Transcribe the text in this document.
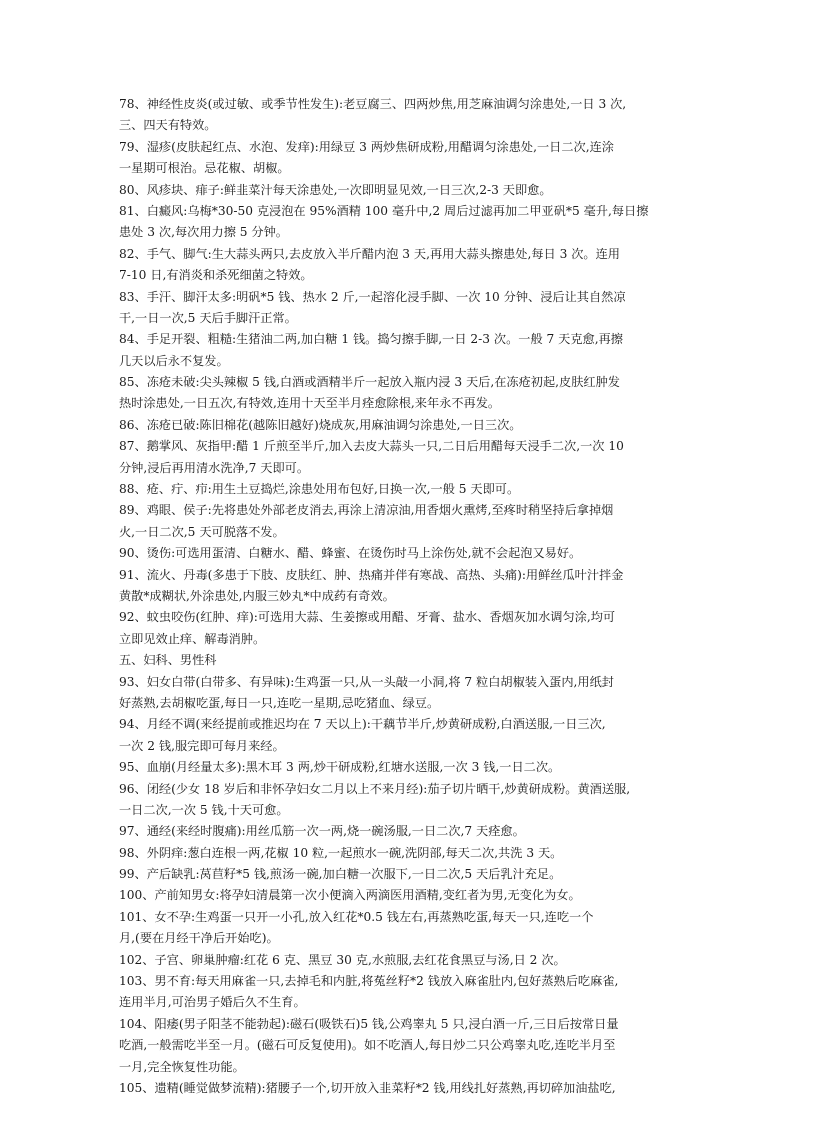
78、神经性皮炎(或过敏、或季节性发生):老豆腐三、四两炒焦,用芝麻油调匀涂患处,一日 3 次,
三、四天有特效。
79、湿疹(皮肤起红点、水泡、发痒):用绿豆 3 两炒焦研成粉,用醋调匀涂患处,一日二次,连涂
一星期可根治。忌花椒、胡椒。
80、风疹块、痱子:鲜韭菜汁每天涂患处,一次即明显见效,一日三次,2-3 天即愈。
81、白癜风:乌梅*30-50 克浸泡在 95%酒精 100 毫升中,2 周后过滤再加二甲亚矾*5 毫升,每日擦
患处 3 次,每次用力擦 5 分钟。
82、手气、脚气:生大蒜头两只,去皮放入半斤醋内泡 3 天,再用大蒜头擦患处,每日 3 次。连用
7-10 日,有消炎和杀死细菌之特效。
83、手汗、脚汗太多:明矾*5 钱、热水 2 斤,一起溶化浸手脚、一次 10 分钟、浸后让其自然凉
干,一日一次,5 天后手脚汗正常。
84、手足开裂、粗糙:生猪油二两,加白糖 1 钱。捣匀擦手脚,一日 2-3 次。一般 7 天克愈,再擦
几天以后永不复发。
85、冻疮未破:尖头辣椒 5 钱,白酒或酒精半斤一起放入瓶内浸 3 天后,在冻疮初起,皮肤红肿发
热时涂患处,一日五次,有特效,连用十天至半月痊愈除根,来年永不再发。
86、冻疮已破:陈旧棉花(越陈旧越好)烧成灰,用麻油调匀涂患处,一日三次。
87、鹅掌风、灰指甲:醋 1 斤煎至半斤,加入去皮大蒜头一只,二日后用醋每天浸手二次,一次 10
分钟,浸后再用清水洗净,7 天即可。
88、疮、疔、疖:用生土豆捣烂,涂患处用布包好,日换一次,一般 5 天即可。
89、鸡眼、侯子:先将患处外部老皮消去,再涂上清凉油,用香烟火熏烤,至疼时稍坚持后拿掉烟
火,一日二次,5 天可脱落不发。
90、烫伤:可选用蛋清、白糖水、醋、蜂蜜、在烫伤时马上涂伤处,就不会起泡又易好。
91、流火、丹毒(多患于下肢、皮肤红、肿、热痛并伴有寒战、高热、头痛):用鲜丝瓜叶汁拌金
黄散*成糊状,外涂患处,内服三妙丸*中成药有奇效。
92、蚊虫咬伤(红肿、痒):可选用大蒜、生姜擦或用醋、牙膏、盐水、香烟灰加水调匀涂,均可
立即见效止痒、解毒消肿。
五、妇科、男性科
93、妇女白带(白带多、有异味):生鸡蛋一只,从一头敲一小洞,将 7 粒白胡椒装入蛋内,用纸封
好蒸熟,去胡椒吃蛋,每日一只,连吃一星期,忌吃猪血、绿豆。
94、月经不调(来经提前或推迟均在 7 天以上):干藕节半斤,炒黄研成粉,白酒送服,一日三次,
一次 2 钱,服完即可每月来经。
95、血崩(月经量太多):黑木耳 3 两,炒干研成粉,红塘水送服,一次 3 钱,一日二次。
96、闭经(少女 18 岁后和非怀孕妇女二月以上不来月经):茄子切片晒干,炒黄研成粉。黄酒送服,
一日二次,一次 5 钱,十天可愈。
97、通经(来经时腹痛):用丝瓜筋一次一两,烧一碗汤服,一日二次,7 天痊愈。
98、外阴痒:葱白连根一两,花椒 10 粒,一起煎水一碗,洗阴部,每天二次,共洗 3 天。
99、产后缺乳:莴苣籽*5 钱,煎汤一碗,加白糖一次服下,一日二次,5 天后乳汁充足。
100、产前知男女:将孕妇清晨第一次小便滴入两滴医用酒精,变红者为男,无变化为女。
101、女不孕:生鸡蛋一只开一小孔,放入红花*0.5 钱左右,再蒸熟吃蛋,每天一只,连吃一个
月,(要在月经干净后开始吃)。
102、子宫、卵巢肿瘤:红花 6 克、黑豆 30 克,水煎服,去红花食黑豆与汤,日 2 次。
103、男不育:每天用麻雀一只,去掉毛和内脏,将菟丝籽*2 钱放入麻雀肚内,包好蒸熟后吃麻雀,
连用半月,可治男子婚后久不生育。
104、阳痿(男子阳茎不能勃起):磁石(吸铁石)5 钱,公鸡睾丸 5 只,浸白酒一斤,三日后按常日量
吃酒,一般需吃半至一月。(磁石可反复使用)。如不吃酒人,每日炒二只公鸡睾丸吃,连吃半月至
一月,完全恢复性功能。
105、遗精(睡觉做梦流精):猪腰子一个,切开放入韭菜籽*2 钱,用线扎好蒸熟,再切碎加油盐吃,
